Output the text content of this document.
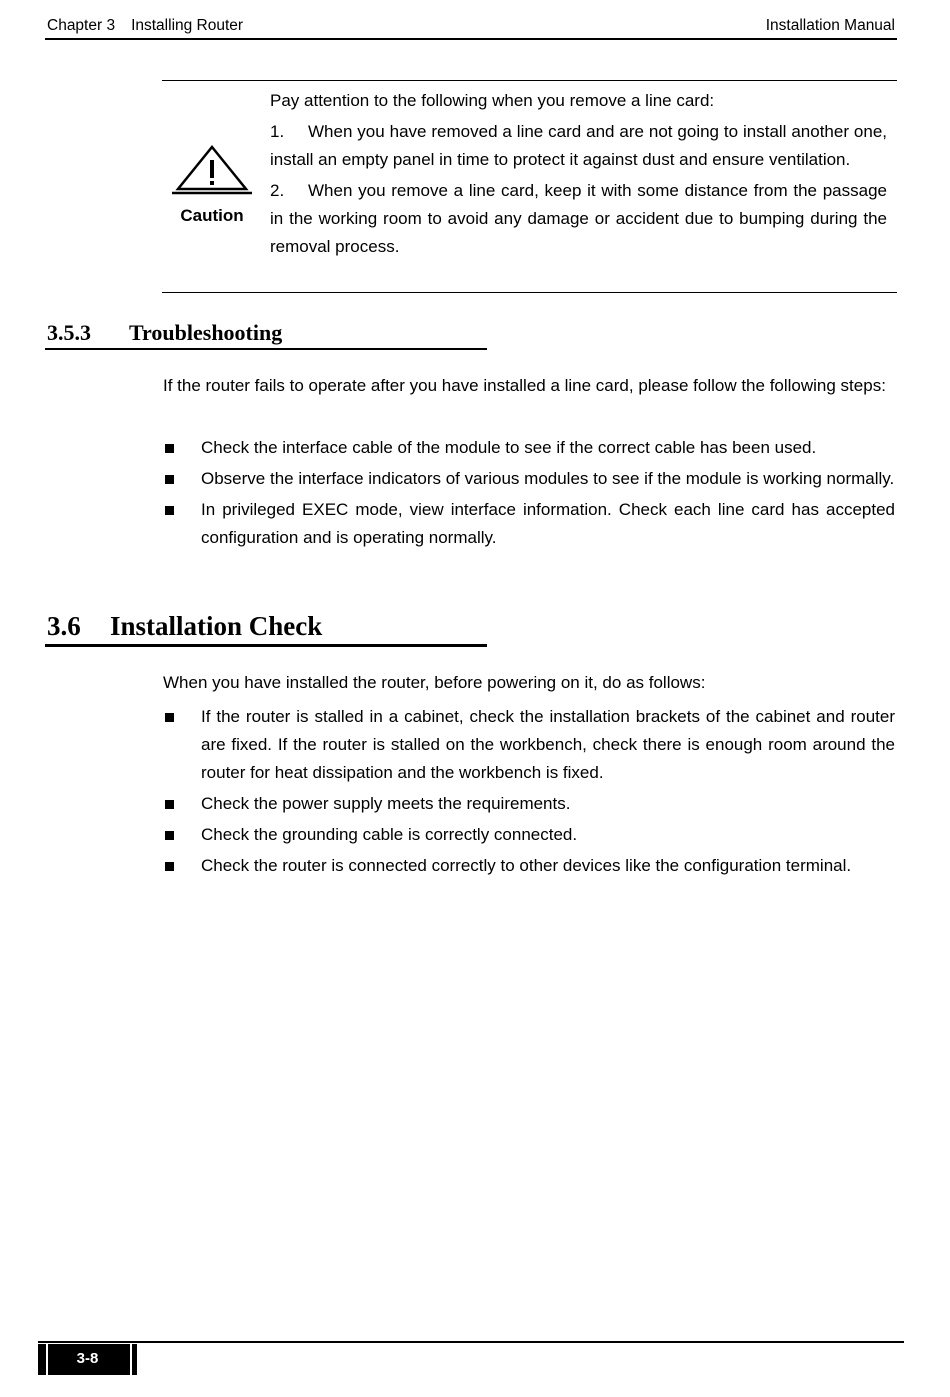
Chapter 3 Installing Router	Installation Manual
Caution

Pay attention to the following when you remove a line card:

1. When you have removed a line card and are not going to install another one, install an empty panel in time to protect it against dust and ensure ventilation.

2. When you remove a line card, keep it with some distance from the passage in the working room to avoid any damage or accident due to bumping during the removal process.

3.5.3 Troubleshooting

If the router fails to operate after you have installed a line card, please follow the following steps:

Check the interface cable of the module to see if the correct cable has been used.
Observe the interface indicators of various modules to see if the module is working normally.
In privileged EXEC mode, view interface information. Check each line card has accepted configuration and is operating normally.
3.6 Installation Check

When you have installed the router, before powering on it, do as follows:

If the router is stalled in a cabinet, check the installation brackets of the cabinet and router are fixed. If the router is stalled on the workbench, check there is enough room around the router for heat dissipation and the workbench is fixed.
Check the power supply meets the requirements.
Check the grounding cable is correctly connected.
Check the router is connected correctly to other devices like the configuration terminal.
3-8
